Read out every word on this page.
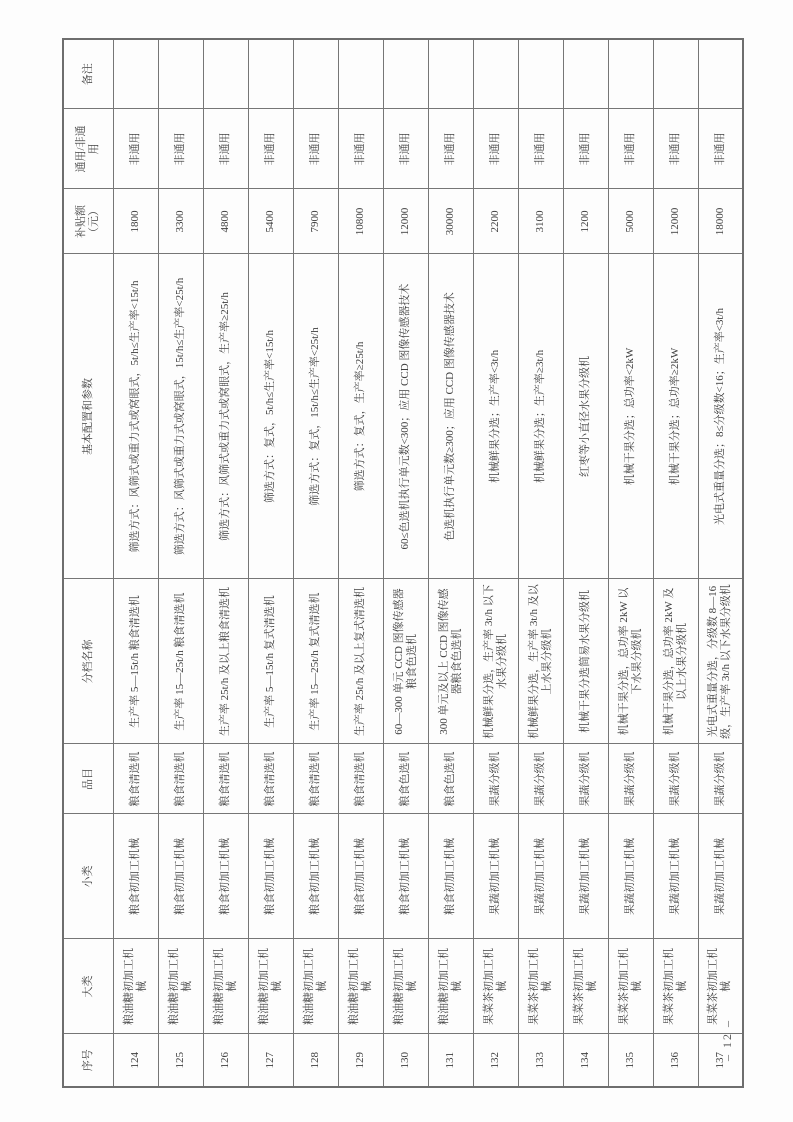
序号	大类	小类	品目	分档名称	基本配置和参数	补贴额（元）	通用/非通用	备注
124	粮油糖初加工机械	粮食初加工机械	粮食清选机	生产率 5—15t/h 粮食清选机	筛选方式：风筛式或重力式或窝眼式，5t/h≤生产率<15t/h	1800	非通用	
125	粮油糖初加工机械	粮食初加工机械	粮食清选机	生产率 15—25t/h 粮食清选机	筛选方式：风筛式或重力式或窝眼式，15t/h≤生产率<25t/h	3300	非通用	
126	粮油糖初加工机械	粮食初加工机械	粮食清选机	生产率 25t/h 及以上粮食清选机	筛选方式：风筛式或重力式或窝眼式，生产率≥25t/h	4800	非通用	
127	粮油糖初加工机械	粮食初加工机械	粮食清选机	生产率 5—15t/h 复式清选机	筛选方式：复式，5t/h≤生产率<15t/h	5400	非通用	
128	粮油糖初加工机械	粮食初加工机械	粮食清选机	生产率 15—25t/h 复式清选机	筛选方式：复式，15t/h≤生产率<25t/h	7900	非通用	
129	粮油糖初加工机械	粮食初加工机械	粮食清选机	生产率 25t/h 及以上复式清选机	筛选方式：复式，生产率≥25t/h	10800	非通用	
130	粮油糖初加工机械	粮食初加工机械	粮食色选机	60—300 单元 CCD 图像传感器粮食色选机	60≤色选机执行单元数<300；应用 CCD 图像传感器技术	12000	非通用	
131	粮油糖初加工机械	粮食初加工机械	粮食色选机	300 单元及以上 CCD 图像传感器粮食色选机	色选机执行单元数≥300；应用 CCD 图像传感器技术	30000	非通用	
132	果菜茶初加工机械	果蔬初加工机械	果蔬分级机	机械鲜果分选，生产率 3t/h 以下水果分级机	机械鲜果分选；生产率<3t/h	2200	非通用	
133	果菜茶初加工机械	果蔬初加工机械	果蔬分级机	机械鲜果分选，生产率 3t/h 及以上水果分级机	机械鲜果分选；生产率≥3t/h	3100	非通用	
134	果菜茶初加工机械	果蔬初加工机械	果蔬分级机	机械干果分选简易水果分级机	红枣等小直径水果分级机	1200	非通用	
135	果菜茶初加工机械	果蔬初加工机械	果蔬分级机	机械干果分选，总功率 2kW 以下水果分级机	机械干果分选；总功率<2kW	5000	非通用	
136	果菜茶初加工机械	果蔬初加工机械	果蔬分级机	机械干果分选，总功率 2kW 及以上水果分级机	机械干果分选；总功率≥2kW	12000	非通用	
137	果菜茶初加工机械	果蔬初加工机械	果蔬分级机	光电式重量分选，分级数 8—16 级，生产率 3t/h 以下水果分级机	光电式重量分选；8≤分级数<16；生产率<3t/h	18000	非通用	
– 12 –
